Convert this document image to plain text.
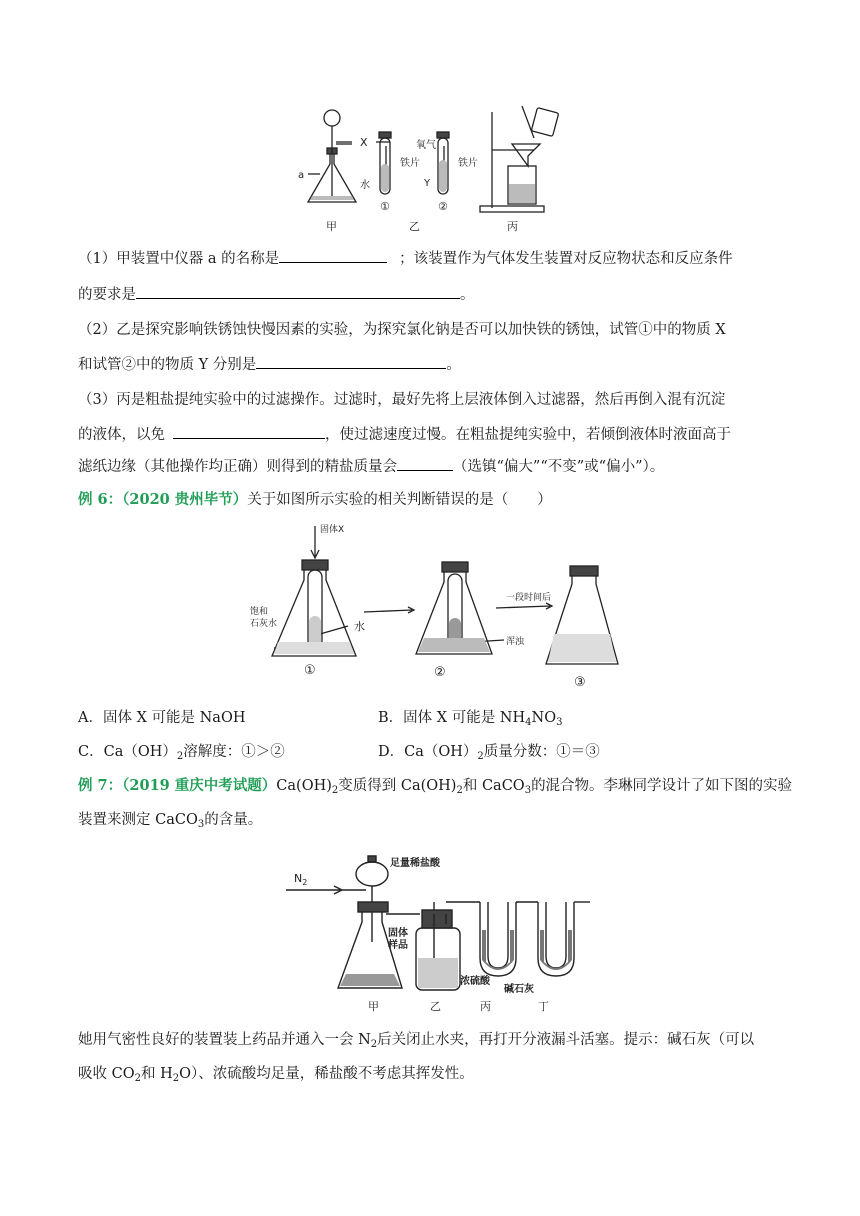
a
X	氧气
铁片	铁片
水	Y
①	②
甲	乙	丙
（1）甲装置中仪器 a 的名称是	；该装置作为气体发生装置对反应物状态和反应条件
的要求是	。
（2）乙是探究影响铁锈蚀快慢因素的实验，为探究氯化钠是否可以加快铁的锈蚀，试管①中的物质 X
和试管②中的物质 Y 分别是	。
（3）丙是粗盐提纯实验中的过滤操作。过滤时，最好先将上层液体倒入过滤器，然后再倒入混有沉淀
的液体，以免	，使过滤速度过慢。在粗盐提纯实验中，若倾倒液体时液面高于
滤纸边缘（其他操作均正确）则得到的精盐质量会	（选镇“偏大”“不变”或“偏小”）。
例 6：（2020 贵州毕节）关于如图所示实验的相关判断错误的是（　　）
固体X
饱和
石灰水	水
一段时间后
浑浊
①	②
③
A．固体 X 可能是 NaOH	B．固体 X 可能是 $NH_4NO_3$
C．$Ca(OH)_2$溶解度：①＞②	D．$Ca(OH)_2$质量分数：①＝③
例 7：（2019 重庆中考试题）$Ca(OH)_2$变质得到 $Ca(OH)_2$和 CaCO$_3$的混合物。李琳同学设计了如下图的实验
装置来测定 CaCO$_3$的含量。
$N_2$
足量稀盐酸
固体
样品
浓硫酸
碱石灰
甲	乙	丙	丁
她用气密性良好的装置装上药品并通入一会 $N_2$后关闭止水夹，再打开分液漏斗活塞。提示：碱石灰（可以
吸收 $CO_2$和 $H_2O$）、浓硫酸均足量，稀盐酸不考虑其挥发性。
